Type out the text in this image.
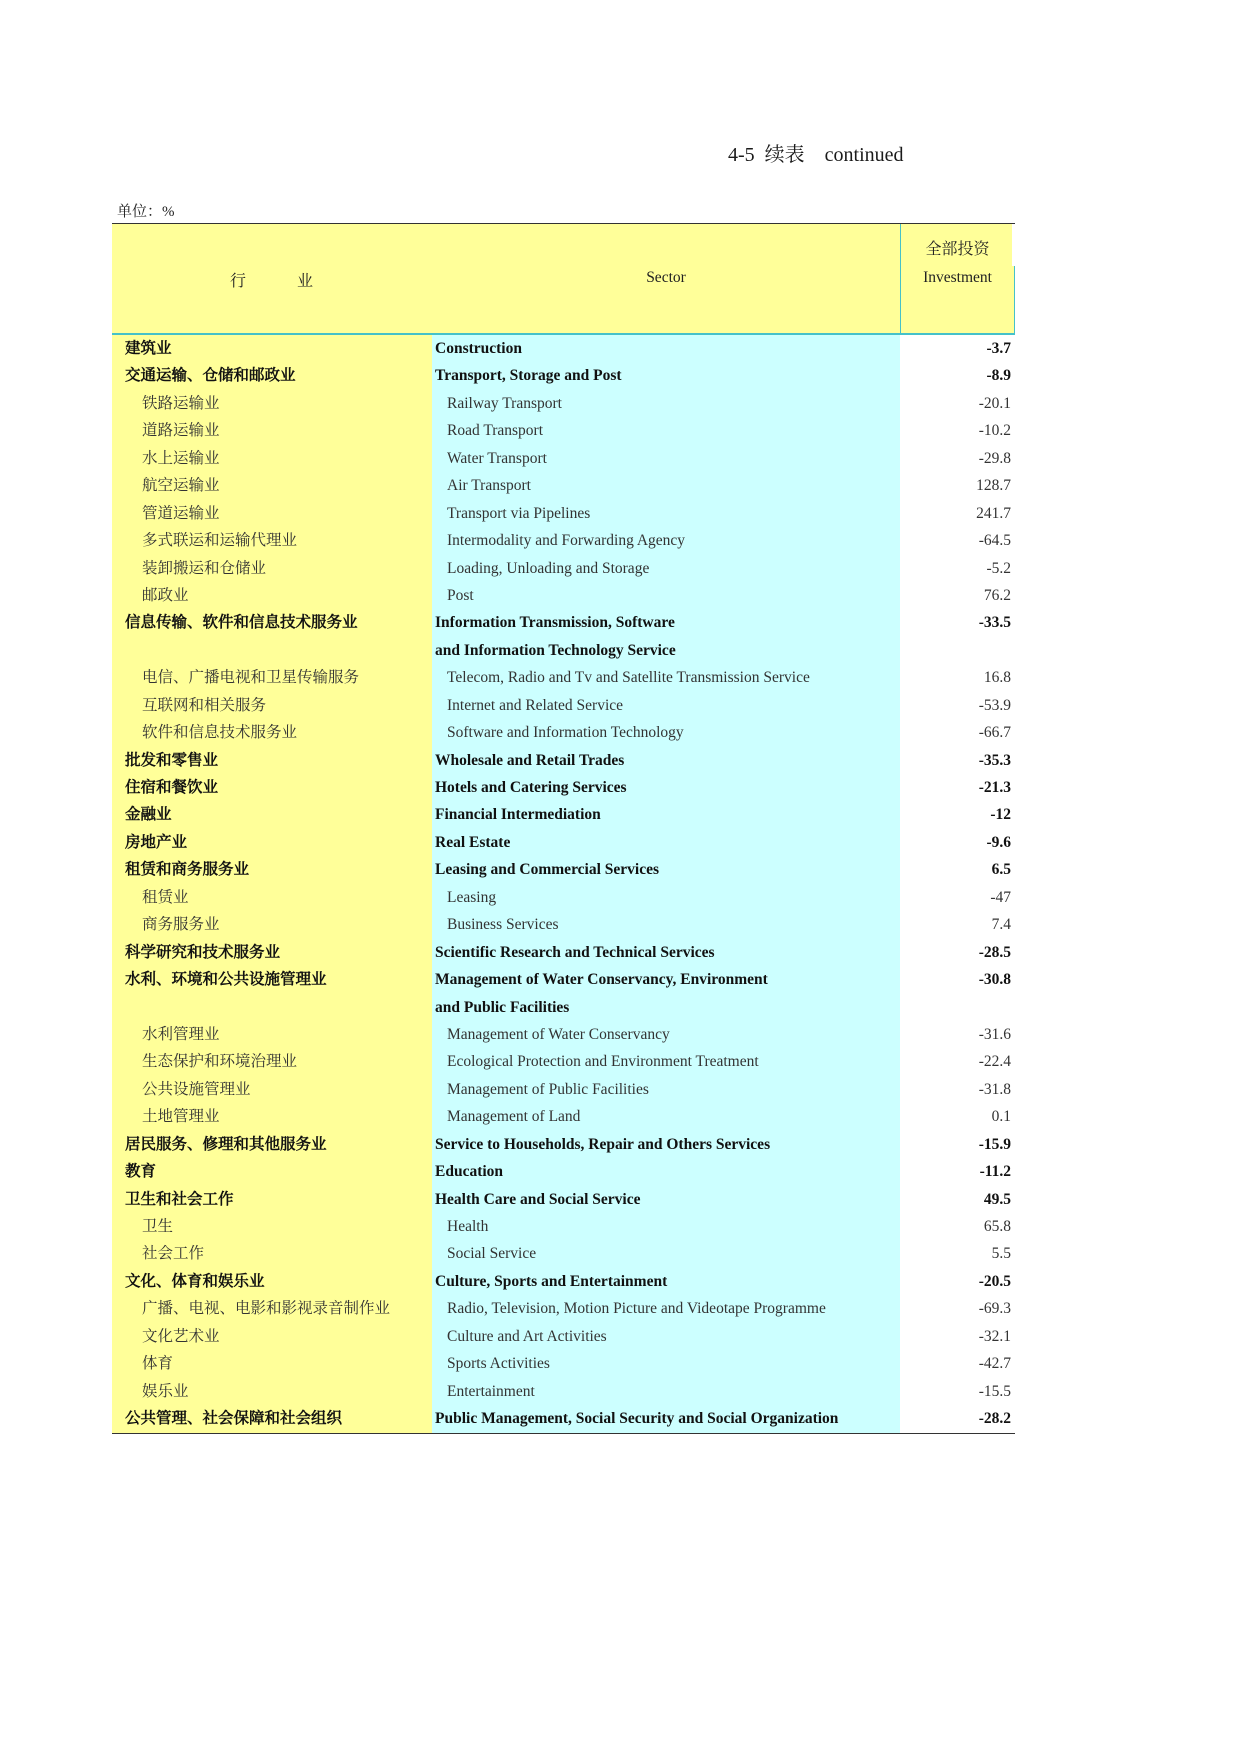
4-5  续表    continued
单位：%
行          业	Sector
全部投资
Investment
建筑业	Construction	-3.7
交通运输、仓储和邮政业	Transport, Storage and Post	-8.9
铁路运输业	Railway Transport	-20.1
道路运输业	Road Transport	-10.2
水上运输业	Water Transport	-29.8
航空运输业	Air Transport	128.7
管道运输业	Transport via Pipelines	241.7
多式联运和运输代理业	Intermodality and Forwarding Agency	-64.5
装卸搬运和仓储业	Loading, Unloading and Storage	-5.2
邮政业	Post	76.2
信息传输、软件和信息技术服务业	Information Transmission, Software	-33.5
and Information Technology Service
电信、广播电视和卫星传输服务	Telecom, Radio and Tv and Satellite Transmission Service	16.8
互联网和相关服务	Internet and Related Service	-53.9
软件和信息技术服务业	Software and Information Technology	-66.7
批发和零售业	Wholesale and Retail Trades	-35.3
住宿和餐饮业	Hotels and Catering Services	-21.3
金融业	Financial Intermediation	-12
房地产业	Real Estate	-9.6
租赁和商务服务业	Leasing and Commercial Services	6.5
租赁业	Leasing	-47
商务服务业	Business Services	7.4
科学研究和技术服务业	Scientific Research and Technical Services	-28.5
水利、环境和公共设施管理业	Management of Water Conservancy, Environment	-30.8
and Public Facilities
水利管理业	Management of Water Conservancy	-31.6
生态保护和环境治理业	Ecological Protection and Environment Treatment	-22.4
公共设施管理业	Management of Public Facilities	-31.8
土地管理业	Management of Land	0.1
居民服务、修理和其他服务业	Service to Households, Repair and Others Services	-15.9
教育	Education	-11.2
卫生和社会工作	Health Care and Social Service	49.5
卫生	Health	65.8
社会工作	Social Service	5.5
文化、体育和娱乐业	Culture, Sports and Entertainment	-20.5
广播、电视、电影和影视录音制作业	Radio, Television, Motion Picture and Videotape Programme	-69.3
文化艺术业	Culture and Art Activities	-32.1
体育	Sports Activities	-42.7
娱乐业	Entertainment	-15.5
公共管理、社会保障和社会组织	Public Management, Social Security and Social Organization	-28.2
